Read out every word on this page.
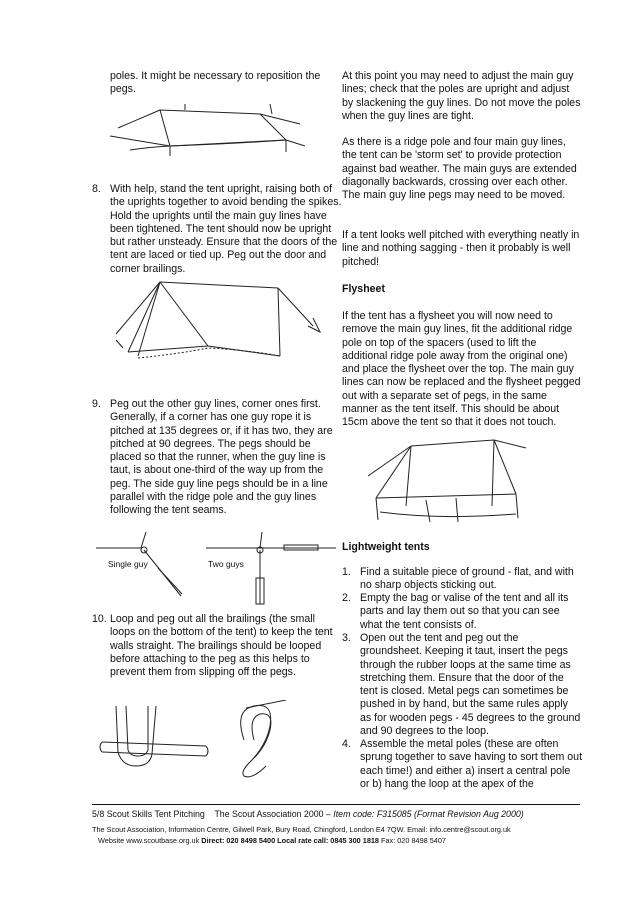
poles. It might be necessary to reposition the pegs.
8. With help, stand the tent upright, raising both of the uprights together to avoid bending the spikes. Hold the uprights until the main guy lines have been tightened. The tent should now be upright but rather unsteady. Ensure that the doors of the tent are laced or tied up. Peg out the door and corner brailings.
9. Peg out the other guy lines, corner ones first. Generally, if a corner has one guy rope it is pitched at 135 degrees or, if it has two, they are pitched at 90 degrees. The pegs should be placed so that the runner, when the guy line is taut, is about one-third of the way up from the peg. The side guy line pegs should be in a line parallel with the ridge pole and the guy lines following the tent seams.
Single guy	Two guys
10. Loop and peg out all the brailings (the small loops on the bottom of the tent) to keep the tent walls straight. The brailings should be looped before attaching to the peg as this helps to prevent them from slipping off the pegs.
At this point you may need to adjust the main guy lines; check that the poles are upright and adjust by slackening the guy lines. Do not move the poles when the guy lines are tight.
As there is a ridge pole and four main guy lines, the tent can be 'storm set' to provide protection against bad weather. The main guys are extended diagonally backwards, crossing over each other. The main guy line pegs may need to be moved.
If a tent looks well pitched with everything neatly in line and nothing sagging - then it probably is well pitched!
Flysheet
If the tent has a flysheet you will now need to remove the main guy lines, fit the additional ridge pole on top of the spacers (used to lift the additional ridge pole away from the original one) and place the flysheet over the top. The main guy lines can now be replaced and the flysheet pegged out with a separate set of pegs, in the same manner as the tent itself. This should be about 15cm above the tent so that it does not touch.
Lightweight tents
1. Find a suitable piece of ground - flat, and with no sharp objects sticking out.
2. Empty the bag or valise of the tent and all its parts and lay them out so that you can see what the tent consists of.
3. Open out the tent and peg out the groundsheet. Keeping it taut, insert the pegs through the rubber loops at the same time as stretching them. Ensure that the door of the tent is closed. Metal pegs can sometimes be pushed in by hand, but the same rules apply as for wooden pegs - 45 degrees to the ground and 90 degrees to the loop.
4. Assemble the metal poles (these are often sprung together to save having to sort them out each time!) and either a) insert a central pole or b) hang the loop at the apex of the
5/8 Scout Skills Tent Pitching The Scout Association 2000 – Item code: F315085 (Format Revision Aug 2000)
The Scout Association, Information Centre, Gilwell Park, Bury Road, Chingford, London E4 7QW. Email: info.centre@scout.org.uk
Website www.scoutbase.org.uk Direct: 020 8498 5400 Local rate call: 0845 300 1818 Fax: 020 8498 5407
